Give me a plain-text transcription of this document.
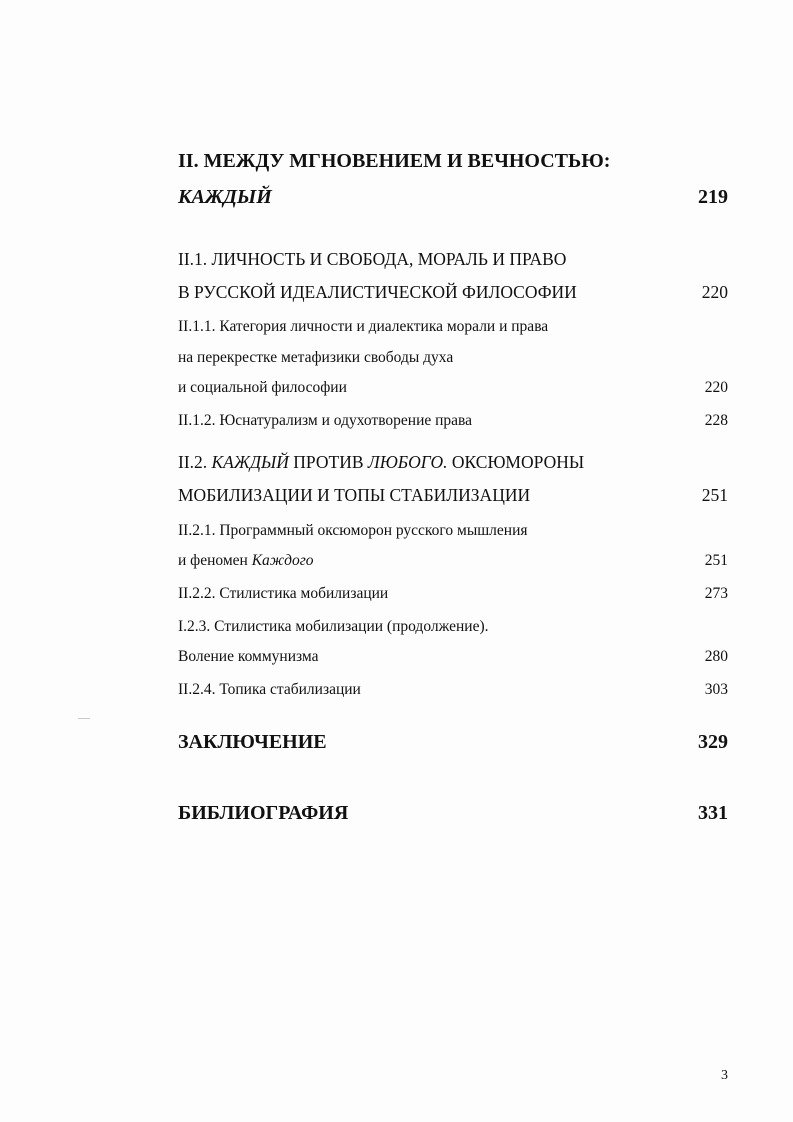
II. МЕЖДУ МГНОВЕНИЕМ И ВЕЧНОСТЬЮ:
КАЖДЫЙ	219
II.1. ЛИЧНОСТЬ И СВОБОДА, МОРАЛЬ И ПРАВО
В РУССКОЙ ИДЕАЛИСТИЧЕСКОЙ ФИЛОСОФИИ	220
II.1.1. Категория личности и диалектика морали и права
на перекрестке метафизики свободы духа
и социальной философии	220
II.1.2. Юснатурализм и одухотворение права	228
II.2. КАЖДЫЙ ПРОТИВ ЛЮБОГО. ОКСЮМОРОНЫ
МОБИЛИЗАЦИИ И ТОПЫ СТАБИЛИЗАЦИИ	251
II.2.1. Программный оксюморон русского мышления
и феномен Каждого	251
II.2.2. Стилистика мобилизации	273
I.2.3. Стилистика мобилизации (продолжение).
Воление коммунизма	280
II.2.4. Топика стабилизации	303
ЗАКЛЮЧЕНИЕ	329
БИБЛИОГРАФИЯ	331
3
